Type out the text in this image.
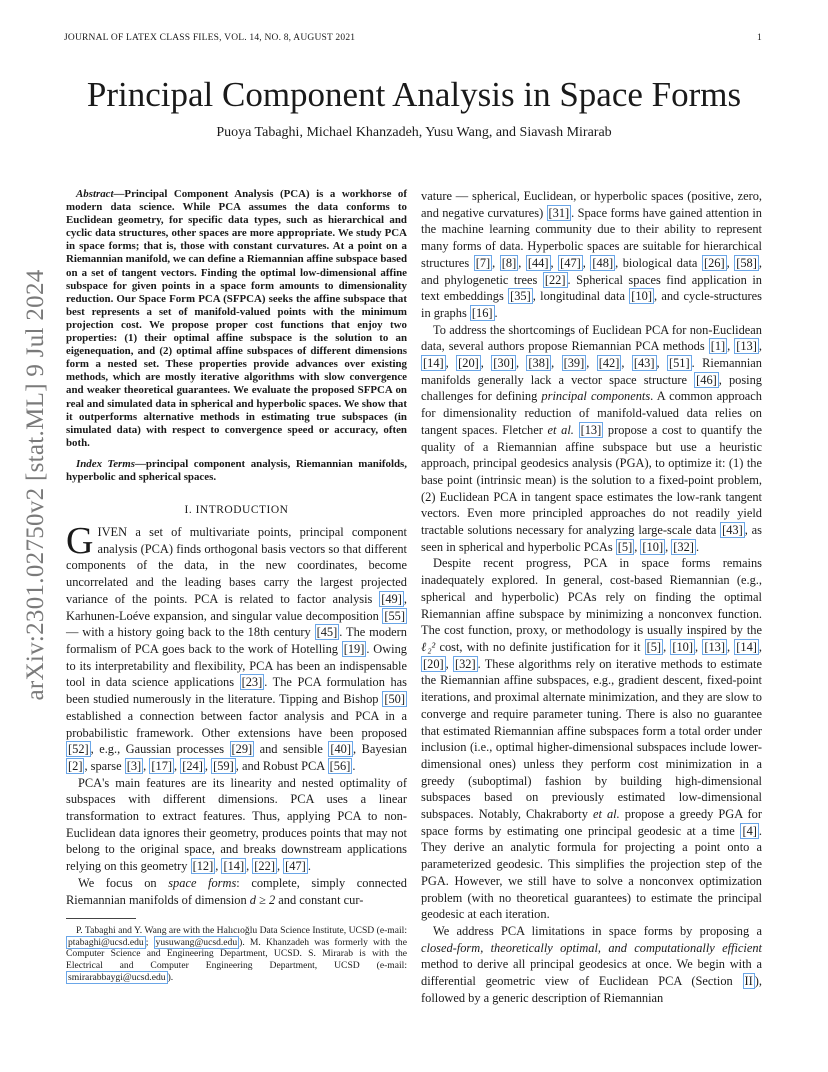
JOURNAL OF LATEX CLASS FILES, VOL. 14, NO. 8, AUGUST 2021	1
arXiv:2301.02750v2 [stat.ML] 9 Jul 2024
Principal Component Analysis in Space Forms
Puoya Tabaghi, Michael Khanzadeh, Yusu Wang, and Siavash Mirarab

Abstract—Principal Component Analysis (PCA) is a workhorse of modern data science. While PCA assumes the data conforms to Euclidean geometry, for specific data types, such as hierarchical and cyclic data structures, other spaces are more appropriate. We study PCA in space forms; that is, those with constant curvatures. At a point on a Riemannian manifold, we can define a Riemannian affine subspace based on a set of tangent vectors. Finding the optimal low-dimensional affine subspace for given points in a space form amounts to dimensionality reduction. Our Space Form PCA (SFPCA) seeks the affine subspace that best represents a set of manifold-valued points with the minimum projection cost. We propose proper cost functions that enjoy two properties: (1) their optimal affine subspace is the solution to an eigenequation, and (2) optimal affine subspaces of different dimensions form a nested set. These properties provide advances over existing methods, which are mostly iterative algorithms with slow convergence and weaker theoretical guarantees. We evaluate the proposed SFPCA on real and simulated data in spherical and hyperbolic spaces. We show that it outperforms alternative methods in estimating true subspaces (in simulated data) with respect to convergence speed or accuracy, often both.

Index Terms—principal component analysis, Riemannian manifolds, hyperbolic and spherical spaces.

I. INTRODUCTION

GIVEN a set of multivariate points, principal component analysis (PCA) finds orthogonal basis vectors so that different components of the data, in the new coordinates, become uncorrelated and the leading bases carry the largest projected variance of the points. PCA is related to factor analysis [49] , Karhunen-Loéve expansion, and singular value decomposition [55] — with a history going back to the 18th century [45] . The modern formalism of PCA goes back to the work of Hotelling [19] . Owing to its interpretability and flexibility, PCA has been an indispensable tool in data science applications [23] . The PCA formulation has been studied numerously in the literature. Tipping and Bishop [50] established a connection between factor analysis and PCA in a probabilistic framework. Other extensions have been proposed [52] , e.g., Gaussian processes [29] and sensible [40] , Bayesian [2] , sparse [3] , [17] , [24] , [59] , and Robust PCA [56] .

PCA's main features are its linearity and nested optimality of subspaces with different dimensions. PCA uses a linear transformation to extract features. Thus, applying PCA to non-Euclidean data ignores their geometry, produces points that may not belong to the original space, and breaks downstream applications relying on this geometry [12] , [14] , [22] , [47] .

We focus on space forms: complete, simply connected Riemannian manifolds of dimension d ≥ 2 and constant cur-

P. Tabaghi and Y. Wang are with the Halıcıoğlu Data Science Institute, UCSD (e-mail: ptabaghi@ucsd.edu ; yusuwang@ucsd.edu ). M. Khanzadeh was formerly with the Computer Science and Engineering Department, UCSD. S. Mirarab is with the Electrical and Computer Engineering Department, UCSD (e-mail: smirarabbaygi@ucsd.edu ).

vature — spherical, Euclidean, or hyperbolic spaces (positive, zero, and negative curvatures) [31] . Space forms have gained attention in the machine learning community due to their ability to represent many forms of data. Hyperbolic spaces are suitable for hierarchical structures [7] , [8] , [44] , [47] , [48] , biological data [26] , [58] , and phylogenetic trees [22] . Spherical spaces find application in text embeddings [35] , longitudinal data [10] , and cycle-structures in graphs [16] .

To address the shortcomings of Euclidean PCA for non-Euclidean data, several authors propose Riemannian PCA methods [1] , [13] , [14] , [20] , [30] , [38] , [39] , [42] , [43] , [51] . Riemannian manifolds generally lack a vector space structure [46] , posing challenges for defining principal components. A common approach for dimensionality reduction of manifold-valued data relies on tangent spaces. Fletcher et al. [13] propose a cost to quantify the quality of a Riemannian affine subspace but use a heuristic approach, principal geodesics analysis (PGA), to optimize it: (1) the base point (intrinsic mean) is the solution to a fixed-point problem, (2) Euclidean PCA in tangent space estimates the low-rank tangent vectors. Even more principled approaches do not readily yield tractable solutions necessary for analyzing large-scale data [43] , as seen in spherical and hyperbolic PCAs [5] , [10] , [32] .

Despite recent progress, PCA in space forms remains inadequately explored. In general, cost-based Riemannian (e.g., spherical and hyperbolic) PCAs rely on finding the optimal Riemannian affine subspace by minimizing a nonconvex function. The cost function, proxy, or methodology is usually inspired by the ℓ₂² cost, with no definite justification for it [5] , [10] , [13] , [14] , [20] , [32] . These algorithms rely on iterative methods to estimate the Riemannian affine subspaces, e.g., gradient descent, fixed-point iterations, and proximal alternate minimization, and they are slow to converge and require parameter tuning. There is also no guarantee that estimated Riemannian affine subspaces form a total order under inclusion (i.e., optimal higher-dimensional subspaces include lower-dimensional ones) unless they perform cost minimization in a greedy (suboptimal) fashion by building high-dimensional subspaces based on previously estimated low-dimensional subspaces. Notably, Chakraborty et al. propose a greedy PGA for space forms by estimating one principal geodesic at a time [4] . They derive an analytic formula for projecting a point onto a parameterized geodesic. This simplifies the projection step of the PGA. However, we still have to solve a nonconvex optimization problem (with no theoretical guarantees) to estimate the principal geodesic at each iteration.

We address PCA limitations in space forms by proposing a closed-form, theoretically optimal, and computationally efficient method to derive all principal geodesics at once. We begin with a differential geometric view of Euclidean PCA (Section II ), followed by a generic description of Riemannian
